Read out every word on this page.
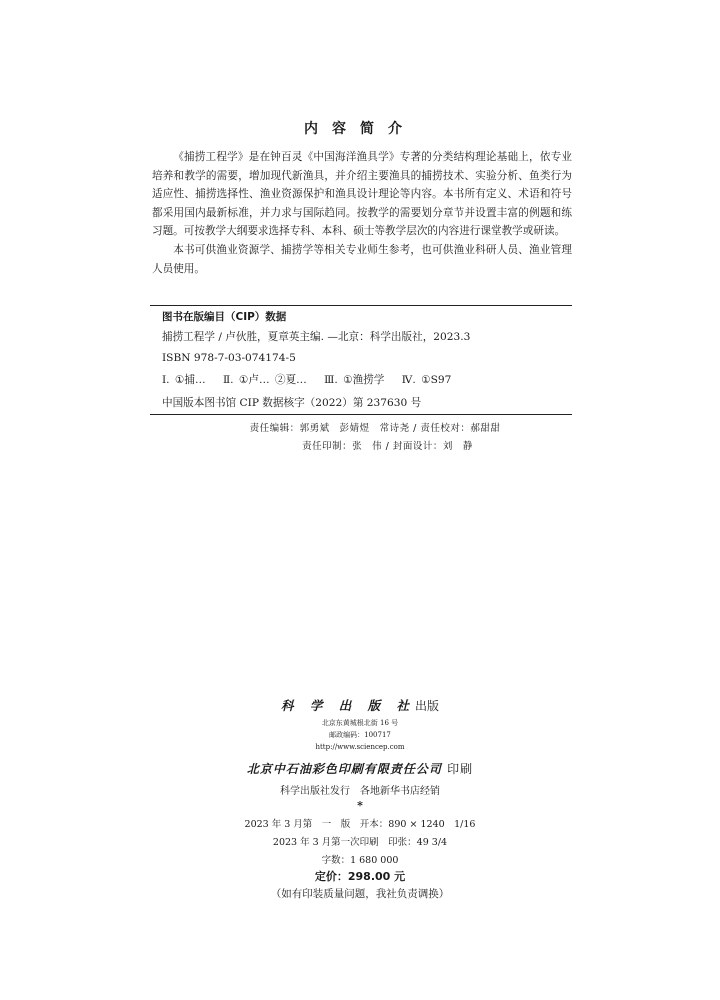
内容简介

《捕捞工程学》是在钟百灵《中国海洋渔具学》专著的分类结构理论基础上，依专业培养和教学的需要，增加现代新渔具，并介绍主要渔具的捕捞技术、实验分析、鱼类行为适应性、捕捞选择性、渔业资源保护和渔具设计理论等内容。本书所有定义、术语和符号都采用国内最新标准，并力求与国际趋同。按教学的需要划分章节并设置丰富的例题和练习题。可按教学大纲要求选择专科、本科、硕士等教学层次的内容进行课堂教学或研读。

本书可供渔业资源学、捕捞学等相关专业师生参考，也可供渔业科研人员、渔业管理人员使用。

图书在版编目（CIP）数据
捕捞工程学 / 卢伙胜，夏章英主编. —北京：科学出版社，2023.3
ISBN 978-7-03-074174-5
Ⅰ. ①捕… Ⅱ. ①卢… ②夏… Ⅲ. ①渔捞学 Ⅳ. ①S97
中国版本图书馆 CIP 数据核字（2022）第 237630 号
责任编辑：郭勇斌　彭婧煜　常诗尧 / 责任校对：郝甜甜
责任印制：张　伟 / 封面设计：刘　静
科 学 出 版 社出版
北京东黄城根北街 16 号
邮政编码：100717
http://www.sciencep.com
北京中石油彩色印刷有限责任公司 印刷
科学出版社发行　各地新华书店经销
*
2023 年 3 月第　一　版　开本：890 × 1240　1/16
2023 年 3 月第一次印刷　印张：49 3/4
字数：1 680 000
定价：298.00 元
（如有印装质量问题，我社负责调换）
